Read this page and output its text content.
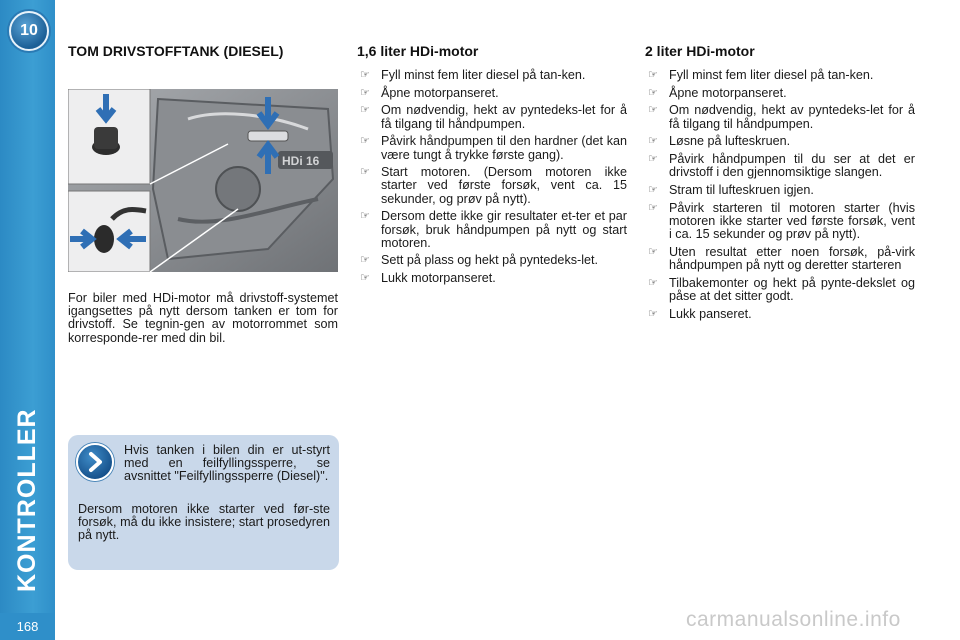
10
KONTROLLER
168
TOM DRIVSTOFFTANK (DIESEL)
HDi 16

For biler med HDi-motor må drivstoff-systemet igangsettes på nytt dersom tanken er tom for drivstoff. Se tegnin-gen av motorrommet som korresponde-rer med din bil.

Hvis tanken i bilen din er ut-styrt med en feilfyllingssperre, se avsnittet "Feilfyllingssperre (Diesel)".

Dersom motoren ikke starter ved før-ste forsøk, må du ikke insistere; start prosedyren på nytt.

1,6 liter HDi-motor
☞ Fyll minst fem liter diesel på tan-ken.
☞ Åpne motorpanseret.
☞ Om nødvendig, hekt av pyntedeks-let for å få tilgang til håndpumpen.
☞ Påvirk håndpumpen til den hardner (det kan være tungt å trykke første gang).
☞ Start motoren. (Dersom motoren ikke starter ved første forsøk, vent ca. 15 sekunder, og prøv på nytt).
☞ Dersom dette ikke gir resultater et-ter et par forsøk, bruk håndpumpen på nytt og start motoren.
☞ Sett på plass og hekt på pyntedeks-let.
☞ Lukk motorpanseret.
2 liter HDi-motor
☞ Fyll minst fem liter diesel på tan-ken.
☞ Åpne motorpanseret.
☞ Om nødvendig, hekt av pyntedeks-let for å få tilgang til håndpumpen.
☞ Løsne på lufteskruen.
☞ Påvirk håndpumpen til du ser at det er drivstoff i den gjennomsiktige slangen.
☞ Stram til lufteskruen igjen.
☞ Påvirk starteren til motoren starter (hvis motoren ikke starter ved første forsøk, vent i ca. 15 sekunder og prøv på nytt).
☞ Uten resultat etter noen forsøk, på-virk håndpumpen på nytt og deretter starteren
☞ Tilbakemonter og hekt på pynte-dekslet og påse at det sitter godt.
☞ Lukk panseret.
carmanualsonline.info
